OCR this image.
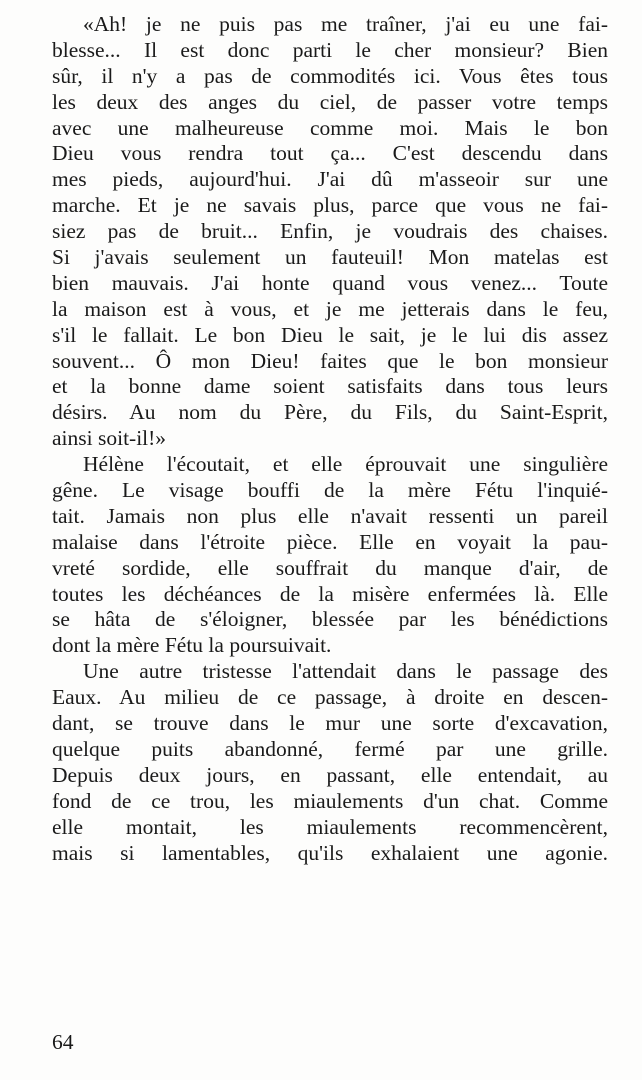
«Ah! je ne puis pas me traîner, j'ai eu une fai-
blesse... Il est donc parti le cher monsieur? Bien
sûr, il n'y a pas de commodités ici. Vous êtes tous
les deux des anges du ciel, de passer votre temps
avec une malheureuse comme moi. Mais le bon
Dieu vous rendra tout ça... C'est descendu dans
mes pieds, aujourd'hui. J'ai dû m'asseoir sur une
marche. Et je ne savais plus, parce que vous ne fai-
siez pas de bruit... Enfin, je voudrais des chaises.
Si j'avais seulement un fauteuil! Mon matelas est
bien mauvais. J'ai honte quand vous venez... Toute
la maison est à vous, et je me jetterais dans le feu,
s'il le fallait. Le bon Dieu le sait, je le lui dis assez
souvent... Ô mon Dieu! faites que le bon monsieur
et la bonne dame soient satisfaits dans tous leurs
désirs. Au nom du Père, du Fils, du Saint-Esprit,
ainsi soit-il!»
Hélène l'écoutait, et elle éprouvait une singulière
gêne. Le visage bouffi de la mère Fétu l'inquié-
tait. Jamais non plus elle n'avait ressenti un pareil
malaise dans l'étroite pièce. Elle en voyait la pau-
vreté sordide, elle souffrait du manque d'air, de
toutes les déchéances de la misère enfermées là. Elle
se hâta de s'éloigner, blessée par les bénédictions
dont la mère Fétu la poursuivait.
Une autre tristesse l'attendait dans le passage des
Eaux. Au milieu de ce passage, à droite en descen-
dant, se trouve dans le mur une sorte d'excavation,
quelque puits abandonné, fermé par une grille.
Depuis deux jours, en passant, elle entendait, au
fond de ce trou, les miaulements d'un chat. Comme
elle montait, les miaulements recommencèrent,
mais si lamentables, qu'ils exhalaient une agonie.
64
